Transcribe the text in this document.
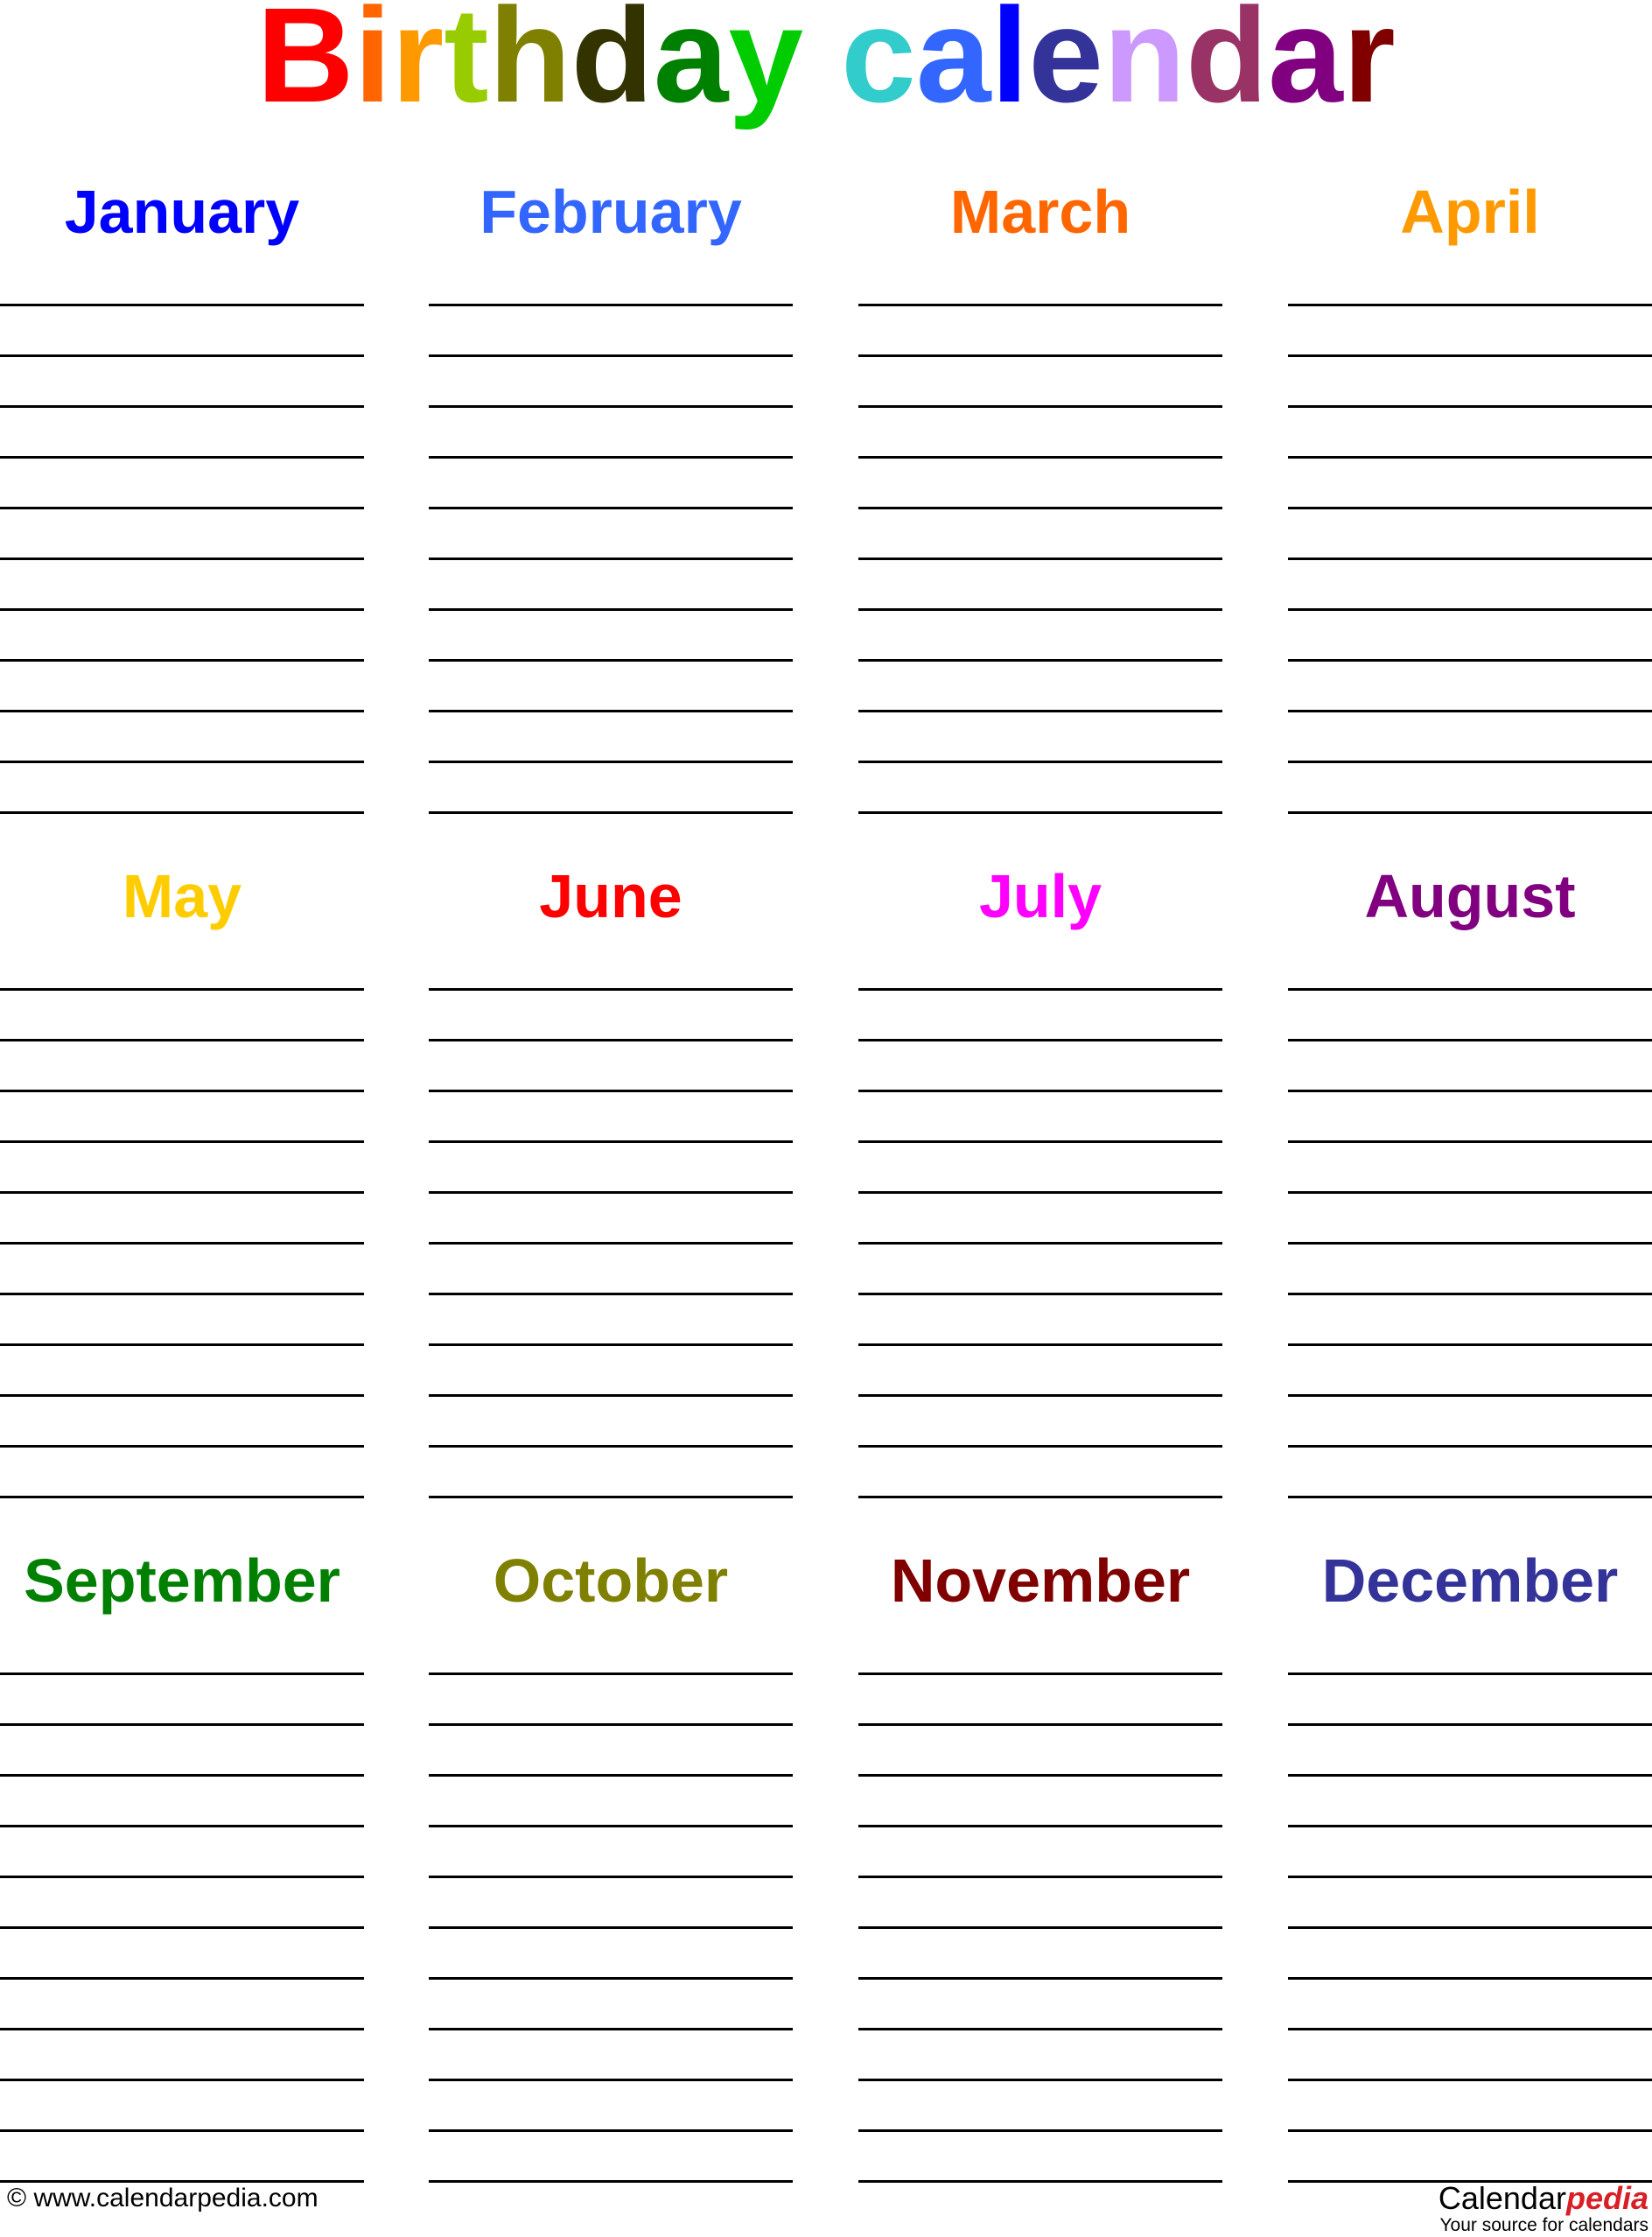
Birthday calendar
January	February	March	April
May	June	July	August
September	October	November	December
© www.calendarpedia.com	Calendarpedia
Your source for calendars
